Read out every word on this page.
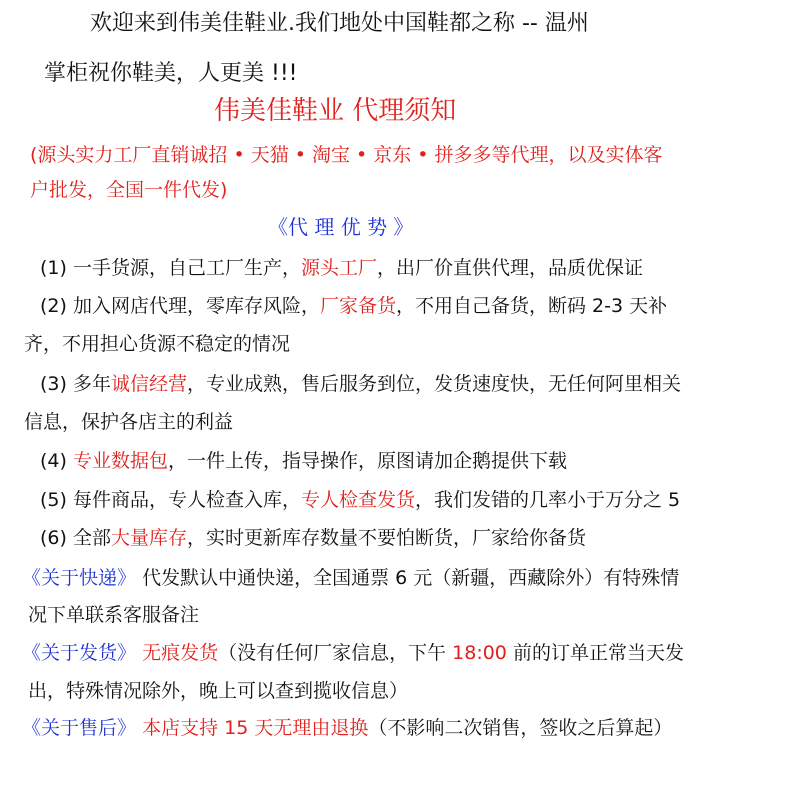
欢迎来到伟美佳鞋业.我们地处中国鞋都之称 -- 温州
掌柜祝你鞋美，人更美 !!!
伟美佳鞋业 代理须知
(源头实力工厂直销诚招 • 天猫 • 淘宝 • 京东 • 拼多多等代理，以及实体客
户批发，全国一件代发)
《代 理 优 势 》
(1) 一手货源，自己工厂生产，源头工厂，出厂价直供代理，品质优保证
(2) 加入网店代理，零库存风险，厂家备货，不用自己备货，断码 2-3 天补
齐，不用担心货源不稳定的情况
(3) 多年诚信经营，专业成熟，售后服务到位，发货速度快，无任何阿里相关
信息，保护各店主的利益
(4) 专业数据包，一件上传，指导操作，原图请加企鹅提供下载
(5) 每件商品，专人检查入库，专人检查发货，我们发错的几率小于万分之 5
(6) 全部大量库存，实时更新库存数量不要怕断货，厂家给你备货
《关于快递》 代发默认中通快递，全国通票 6 元（新疆，西藏除外）有特殊情
况下单联系客服备注
《关于发货》 无痕发货（没有任何厂家信息，下午 18:00 前的订单正常当天发
出，特殊情况除外，晚上可以查到揽收信息）
《关于售后》 本店支持 15 天无理由退换（不影响二次销售，签收之后算起）
